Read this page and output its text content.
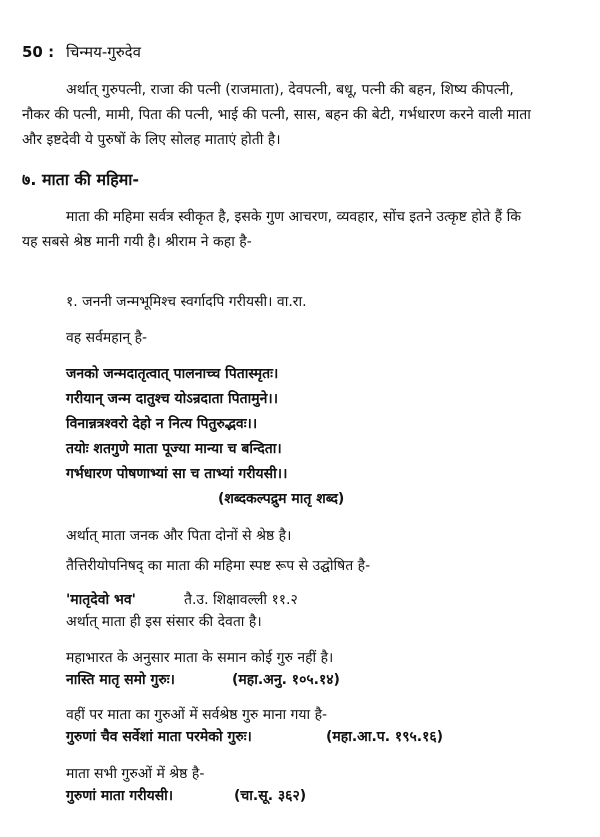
50 : चिन्मय-गुरुदेव
अर्थात् गुरुपत्नी, राजा की पत्नी (राजमाता), देवपत्नी, बधू, पत्नी की बहन, शिष्य कीपत्नी,
नौकर की पत्नी, मामी, पिता की पत्नी, भाई की पत्नी, सास, बहन की बेटी, गर्भधारण करने वाली माता
और इष्टदेवी ये पुरुषों के लिए सोलह माताएं होती है।
७. माता की महिमा-
माता की महिमा सर्वत्र स्वीकृत है, इसके गुण आचरण, व्यवहार, सोंच इतने उत्कृष्ट होते हैं कि
यह सबसे श्रेष्ठ मानी गयी है। श्रीराम ने कहा है-
१. जननी जन्मभूमिश्च स्वर्गादपि गरीयसी। वा.रा.
वह सर्वमहान् है-
जनको जन्मदातृत्वात् पालनाच्च पितास्मृतः।
गरीयान् जन्म दातुश्च योऽन्रदाता पितामुने।।
विनान्नत्रश्वरो देहो न नित्य पितुरुद्भवः।।
तयोः शतगुणे माता पूज्या मान्या च बन्दिता।
गर्भधारण पोषणाभ्यां सा च ताभ्यां गरीयसी।।
(शब्दकल्पद्रुम मातृ शब्द)
अर्थात् माता जनक और पिता दोनों से श्रेष्ठ है।
तैत्तिरीयोपनिषद् का माता की महिमा स्पष्ट रूप से उद्घोषित है-
'मातृदेवो भव'	तै.उ. शिक्षावल्ली ११.२
अर्थात् माता ही इस संसार की देवता है।
महाभारत के अनुसार माता के समान कोई गुरु नहीं है।
नास्ति मातृ समो गुरुः।	(महा.अनु. १०५.१४)
वहीं पर माता का गुरुओं में सर्वश्रेष्ठ गुरु माना गया है-
गुरुणां चैव सर्वेशां माता परमेको गुरुः।	(महा.आ.प. १९५.१६)
माता सभी गुरुओं में श्रेष्ठ है-
गुरुणां माता गरीयसी।	(चा.सू. ३६२)
